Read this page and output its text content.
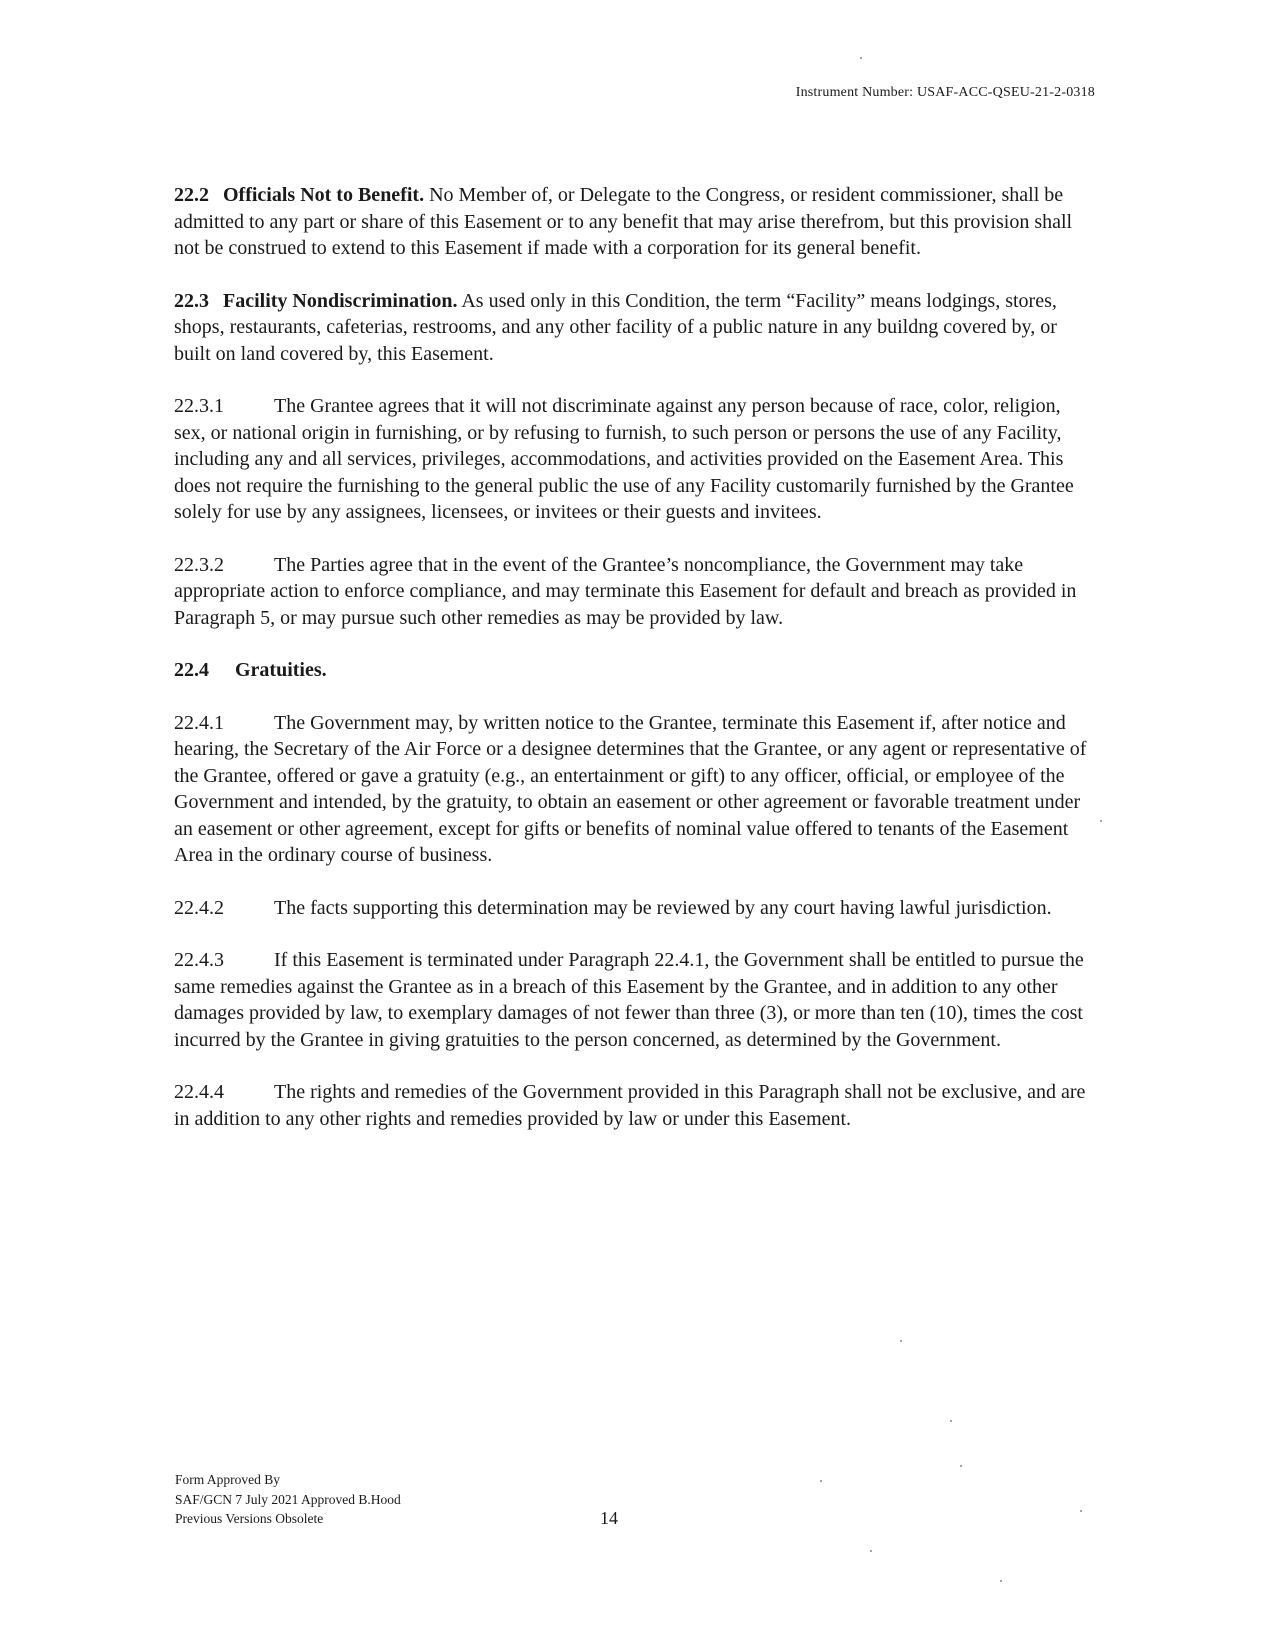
Instrument Number: USAF-ACC-QSEU-21-2-0318

22.2 Officials Not to Benefit. No Member of, or Delegate to the Congress, or resident commissioner, shall be admitted to any part or share of this Easement or to any benefit that may arise therefrom, but this provision shall not be construed to extend to this Easement if made with a corporation for its general benefit.

22.3 Facility Nondiscrimination. As used only in this Condition, the term “Facility” means lodgings, stores, shops, restaurants, cafeterias, restrooms, and any other facility of a public nature in any buildng covered by, or built on land covered by, this Easement.

22.3.1	The Grantee agrees that it will not discriminate against any person because of race, color, religion, sex, or national origin in furnishing, or by refusing to furnish, to such person or persons the use of any Facility, including any and all services, privileges, accommodations, and activities provided on the Easement Area. This does not require the furnishing to the general public the use of any Facility customarily furnished by the Grantee solely for use by any assignees, licensees, or invitees or their guests and invitees.

22.3.2	The Parties agree that in the event of the Grantee’s noncompliance, the Government may take appropriate action to enforce compliance, and may terminate this Easement for default and breach as provided in Paragraph 5, or may pursue such other remedies as may be provided by law.

22.4 Gratuities.

22.4.1	The Government may, by written notice to the Grantee, terminate this Easement if, after notice and hearing, the Secretary of the Air Force or a designee determines that the Grantee, or any agent or representative of the Grantee, offered or gave a gratuity (e.g., an entertainment or gift) to any officer, official, or employee of the Government and intended, by the gratuity, to obtain an easement or other agreement or favorable treatment under an easement or other agreement, except for gifts or benefits of nominal value offered to tenants of the Easement Area in the ordinary course of business.

22.4.2	The facts supporting this determination may be reviewed by any court having lawful jurisdiction.

22.4.3	If this Easement is terminated under Paragraph 22.4.1, the Government shall be entitled to pursue the same remedies against the Grantee as in a breach of this Easement by the Grantee, and in addition to any other damages provided by law, to exemplary damages of not fewer than three (3), or more than ten (10), times the cost incurred by the Grantee in giving gratuities to the person concerned, as determined by the Government.

22.4.4	The rights and remedies of the Government provided in this Paragraph shall not be exclusive, and are in addition to any other rights and remedies provided by law or under this Easement.

Form Approved By
SAF/GCN 7 July 2021 Approved B.Hood
Previous Versions Obsolete	14
